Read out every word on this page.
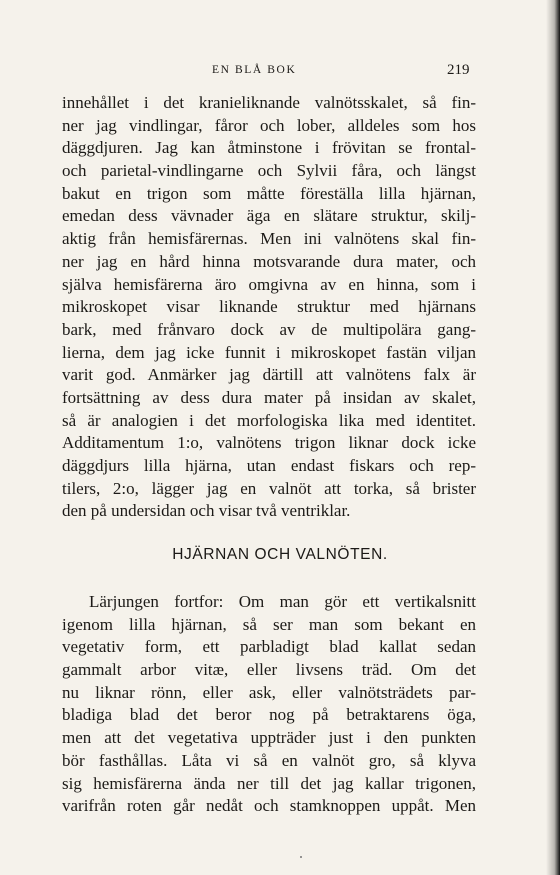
EN BLÅ BOK	219
innehållet i det kranieliknande valnötsskalet, så fin-
ner jag vindlingar, fåror och lober, alldeles som hos
däggdjuren. Jag kan åtminstone i frövitan se frontal-
och parietal-vindlingarne och Sylvii fåra, och längst
bakut en trigon som måtte föreställa lilla hjärnan,
emedan dess vävnader äga en slätare struktur, skilj-
aktig från hemisfärernas. Men ini valnötens skal fin-
ner jag en hård hinna motsvarande dura mater, och
själva hemisfärerna äro omgivna av en hinna, som i
mikroskopet visar liknande struktur med hjärnans
bark, med frånvaro dock av de multipolära gang-
lierna, dem jag icke funnit i mikroskopet fastän viljan
varit god. Anmärker jag därtill att valnötens falx är
fortsättning av dess dura mater på insidan av skalet,
så är analogien i det morfologiska lika med identitet.
Additamentum 1:o, valnötens trigon liknar dock icke
däggdjurs lilla hjärna, utan endast fiskars och rep-
tilers, 2:o, lägger jag en valnöt att torka, så brister
den på undersidan och visar två ventriklar.
HJÄRNAN OCH VALNÖTEN.
Lärjungen fortfor: Om man gör ett vertikalsnitt
igenom lilla hjärnan, så ser man som bekant en
vegetativ form, ett parbladigt blad kallat sedan
gammalt arbor vitæ, eller livsens träd. Om det
nu liknar rönn, eller ask, eller valnötsträdets par-
bladiga blad det beror nog på betraktarens öga,
men att det vegetativa uppträder just i den punkten
bör fasthållas. Låta vi så en valnöt gro, så klyva
sig hemisfärerna ända ner till det jag kallar trigonen,
varifrån roten går nedåt och stamknoppen uppåt. Men
